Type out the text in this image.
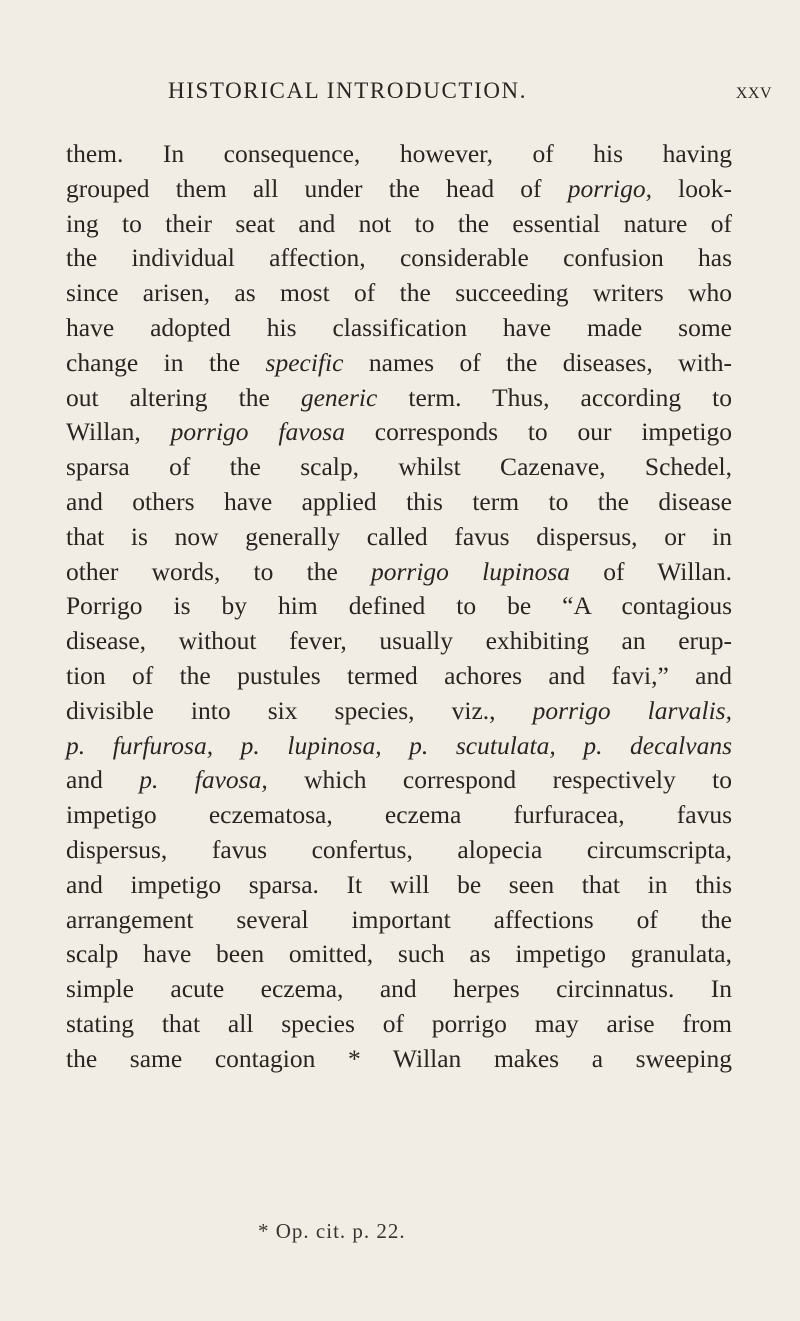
HISTORICAL INTRODUCTION.	xxv
them. In consequence, however, of his having
grouped them all under the head of porrigo, look-
ing to their seat and not to the essential nature of
the individual affection, considerable confusion has
since arisen, as most of the succeeding writers who
have adopted his classification have made some
change in the specific names of the diseases, with-
out altering the generic term. Thus, according to
Willan, porrigo favosa corresponds to our impetigo
sparsa of the scalp, whilst Cazenave, Schedel,
and others have applied this term to the disease
that is now generally called favus dispersus, or in
other words, to the porrigo lupinosa of Willan.
Porrigo is by him defined to be “A contagious
disease, without fever, usually exhibiting an erup-
tion of the pustules termed achores and favi,” and
divisible into six species, viz., porrigo larvalis,
p. furfurosa, p. lupinosa, p. scutulata, p. decalvans
and p. favosa, which correspond respectively to
impetigo eczematosa, eczema furfuracea, favus
dispersus, favus confertus, alopecia circumscripta,
and impetigo sparsa. It will be seen that in this
arrangement several important affections of the
scalp have been omitted, such as impetigo granulata,
simple acute eczema, and herpes circinnatus. In
stating that all species of porrigo may arise from
the same contagion * Willan makes a sweeping
* Op. cit. p. 22.
